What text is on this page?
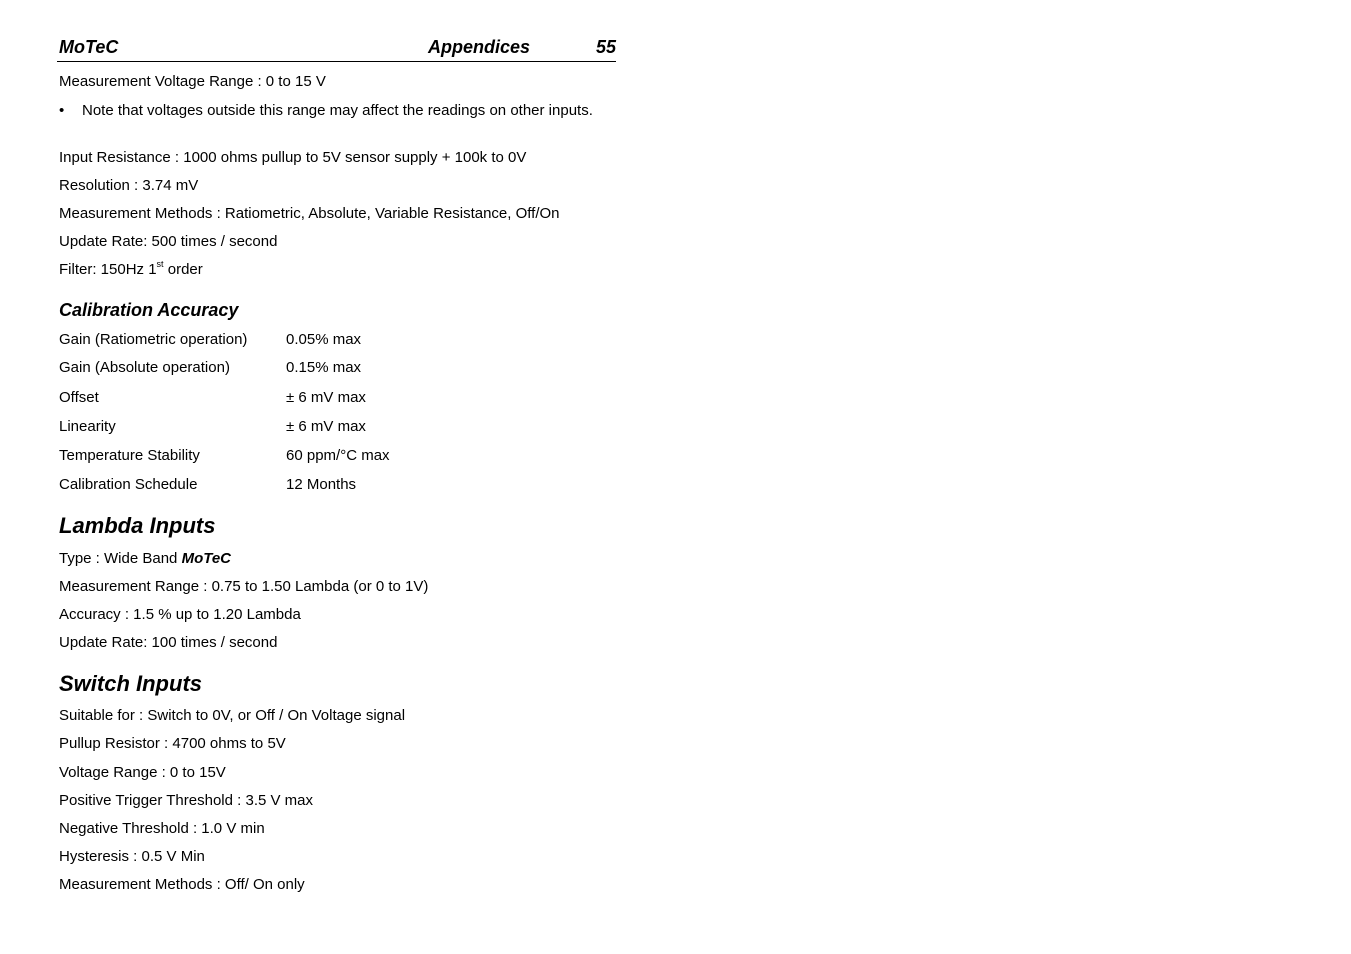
MoTeC	Appendices	55
Measurement Voltage Range : 0 to 15 V
• Note that voltages outside this range may affect the readings on other inputs.
Input Resistance : 1000 ohms pullup to 5V sensor supply + 100k to 0V
Resolution : 3.74 mV
Measurement Methods : Ratiometric, Absolute, Variable Resistance, Off/On
Update Rate: 500 times / second
Filter: 150Hz 1st order
Calibration Accuracy
Gain (Ratiometric operation)	0.05% max
Gain (Absolute operation)	0.15% max
Offset	± 6 mV max
Linearity	± 6 mV max
Temperature Stability	60 ppm/°C max
Calibration Schedule	12 Months
Lambda Inputs
Type : Wide Band MoTeC
Measurement Range : 0.75 to 1.50 Lambda (or 0 to 1V)
Accuracy : 1.5 % up to 1.20 Lambda
Update Rate: 100 times / second
Switch Inputs
Suitable for : Switch to 0V, or Off / On Voltage signal
Pullup Resistor : 4700 ohms to 5V
Voltage Range : 0 to 15V
Positive Trigger Threshold : 3.5 V max
Negative Threshold : 1.0 V min
Hysteresis : 0.5 V Min
Measurement Methods : Off/ On only
